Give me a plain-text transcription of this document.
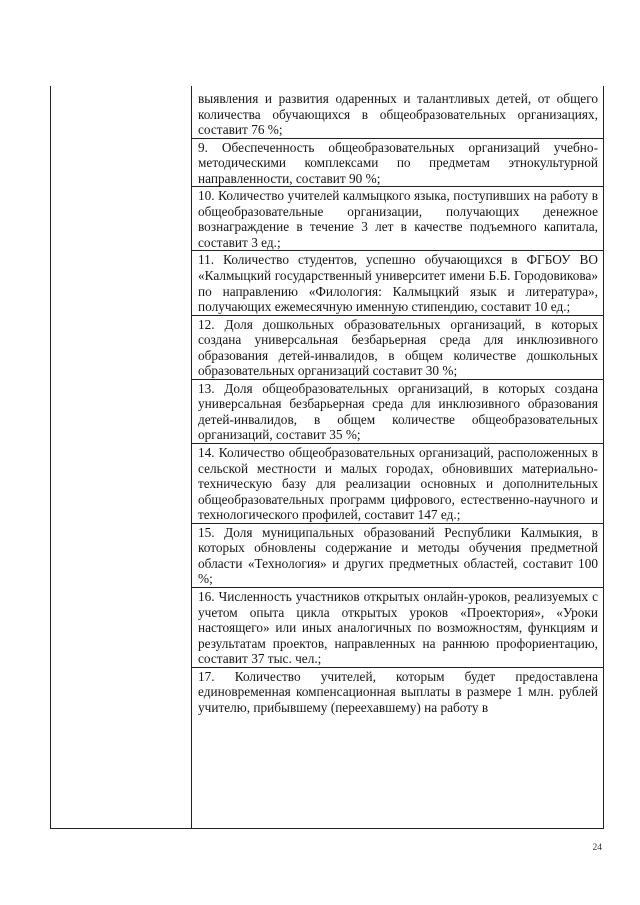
выявления и развития одаренных и талантливых детей, от общего количества обучающихся в общеобразовательных организациях, составит 76 %;

9. Обеспеченность общеобразовательных организаций учебно-методическими комплексами по предметам этнокультурной направленности, составит 90 %;

10. Количество учителей калмыцкого языка, поступивших на работу в общеобразовательные организации, получающих денежное вознаграждение в течение 3 лет в качестве подъемного капитала, составит 3 ед.;

11. Количество студентов, успешно обучающихся в ФГБОУ ВО «Калмыцкий государственный университет имени Б.Б. Городовикова» по направлению «Филология: Калмыцкий язык и литература», получающих ежемесячную именную стипендию, составит 10 ед.;

12. Доля дошкольных образовательных организаций, в которых создана универсальная безбарьерная среда для инклюзивного образования детей-инвалидов, в общем количестве дошкольных образовательных организаций составит 30 %;

13. Доля общеобразовательных организаций, в которых создана универсальная безбарьерная среда для инклюзивного образования детей-инвалидов, в общем количестве общеобразовательных организаций, составит 35 %;

14. Количество общеобразовательных организаций, расположенных в сельской местности и малых городах, обновивших материально-техническую базу для реализации основных и дополнительных общеобразовательных программ цифрового, естественно-научного и технологического профилей, составит 147 ед.;

15. Доля муниципальных образований Республики Калмыкия, в которых обновлены содержание и методы обучения предметной области «Технология» и других предметных областей, составит 100 %;

16. Численность участников открытых онлайн-уроков, реализуемых с учетом опыта цикла открытых уроков «Проектория», «Уроки настоящего» или иных аналогичных по возможностям, функциям и результатам проектов, направленных на раннюю профориентацию, составит 37 тыс. чел.;

17. Количество учителей, которым будет предоставлена единовременная компенсационная выплаты в размере 1 млн. рублей учителю, прибывшему (переехавшему) на работу в

24
